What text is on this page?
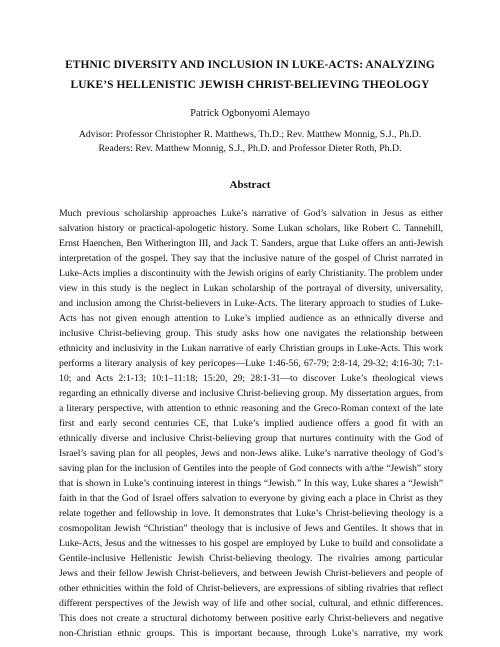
ETHNIC DIVERSITY AND INCLUSION IN LUKE-ACTS: ANALYZING
LUKE’S HELLENISTIC JEWISH CHRIST-BELIEVING THEOLOGY
Patrick Ogbonyomi Alemayo
Advisor: Professor Christopher R. Matthews, Th.D.; Rev. Matthew Monnig, S.J., Ph.D.
Readers: Rev. Matthew Monnig, S.J., Ph.D. and Professor Dieter Roth, Ph.D.
Abstract
Much previous scholarship approaches Luke’s narrative of God’s salvation in Jesus as either
salvation history or practical-apologetic history. Some Lukan scholars, like Robert C. Tannehill,
Ernst Haenchen, Ben Witherington III, and Jack T. Sanders, argue that Luke offers an anti-Jewish
interpretation of the gospel. They say that the inclusive nature of the gospel of Christ narrated in
Luke-Acts implies a discontinuity with the Jewish origins of early Christianity. The problem under
view in this study is the neglect in Lukan scholarship of the portrayal of diversity, universality,
and inclusion among the Christ-believers in Luke-Acts. The literary approach to studies of Luke-
Acts has not given enough attention to Luke’s implied audience as an ethnically diverse and
inclusive Christ-believing group. This study asks how one navigates the relationship between
ethnicity and inclusivity in the Lukan narrative of early Christian groups in Luke-Acts. This work
performs a literary analysis of key pericopes—Luke 1:46-56, 67-79; 2:8-14, 29-32; 4:16-30; 7:1-
10; and Acts 2:1-13; 10:1–11:18; 15:20, 29; 28:1-31—to discover Luke’s theological views
regarding an ethnically diverse and inclusive Christ-believing group. My dissertation argues, from
a literary perspective, with attention to ethnic reasoning and the Greco-Roman context of the late
first and early second centuries CE, that Luke’s implied audience offers a good fit with an
ethnically diverse and inclusive Christ-believing group that nurtures continuity with the God of
Israel’s saving plan for all peoples, Jews and non-Jews alike. Luke’s narrative theology of God’s
saving plan for the inclusion of Gentiles into the people of God connects with a/the “Jewish” story
that is shown in Luke’s continuing interest in things “Jewish.” In this way, Luke shares a “Jewish”
faith in that the God of Israel offers salvation to everyone by giving each a place in Christ as they
relate together and fellowship in love. It demonstrates that Luke’s Christ-believing theology is a
cosmopolitan Jewish “Christian” theology that is inclusive of Jews and Gentiles. It shows that in
Luke-Acts, Jesus and the witnesses to his gospel are employed by Luke to build and consolidate a
Gentile-inclusive Hellenistic Jewish Christ-believing theology. The rivalries among particular
Jews and their fellow Jewish Christ-believers, and between Jewish Christ-believers and people of
other ethnicities within the fold of Christ-believers, are expressions of sibling rivalries that reflect
different perspectives of the Jewish way of life and other social, cultural, and ethnic differences.
This does not create a structural dichotomy between positive early Christ-believers and negative
non-Christian ethnic groups. This is important because, through Luke’s narrative, my work
